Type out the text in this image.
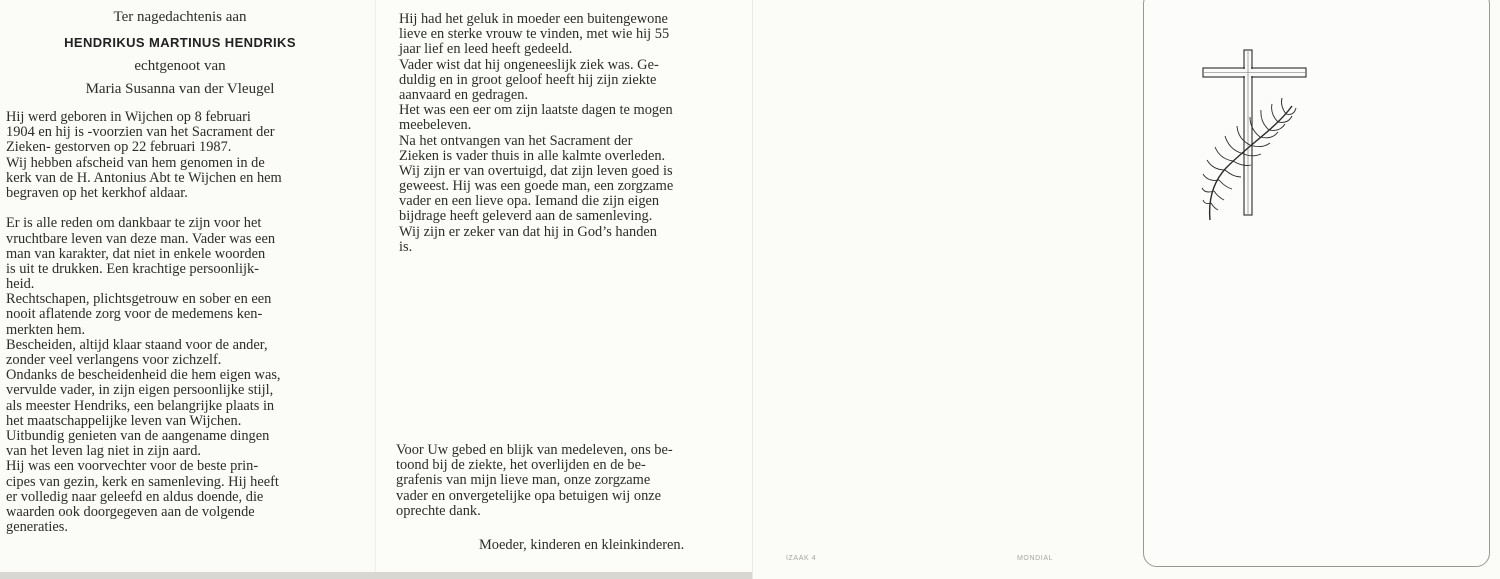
Ter nagedachtenis aan
HENDRIKUS MARTINUS HENDRIKS
echtgenoot van
Maria Susanna van der Vleugel
Hij werd geboren in Wijchen op 8 februari
1904 en hij is -voorzien van het Sacrament der
Zieken- gestorven op 22 februari 1987.
Wij hebben afscheid van hem genomen in de
kerk van de H. Antonius Abt te Wijchen en hem
begraven op het kerkhof aldaar.
Er is alle reden om dankbaar te zijn voor het
vruchtbare leven van deze man. Vader was een
man van karakter, dat niet in enkele woorden
is uit te drukken. Een krachtige persoonlijk-
heid.
Rechtschapen, plichtsgetrouw en sober en een
nooit aflatende zorg voor de medemens ken-
merkten hem.
Bescheiden, altijd klaar staand voor de ander,
zonder veel verlangens voor zichzelf.
Ondanks de bescheidenheid die hem eigen was,
vervulde vader, in zijn eigen persoonlijke stijl,
als meester Hendriks, een belangrijke plaats in
het maatschappelijke leven van Wijchen.
Uitbundig genieten van de aangename dingen
van het leven lag niet in zijn aard.
Hij was een voorvechter voor de beste prin-
cipes van gezin, kerk en samenleving. Hij heeft
er volledig naar geleefd en aldus doende, die
waarden ook doorgegeven aan de volgende
generaties.
Hij had het geluk in moeder een buitengewone
lieve en sterke vrouw te vinden, met wie hij 55
jaar lief en leed heeft gedeeld.
Vader wist dat hij ongeneeslijk ziek was. Ge-
duldig en in groot geloof heeft hij zijn ziekte
aanvaard en gedragen.
Het was een eer om zijn laatste dagen te mogen
meebeleven.
Na het ontvangen van het Sacrament der
Zieken is vader thuis in alle kalmte overleden.
Wij zijn er van overtuigd, dat zijn leven goed is
geweest. Hij was een goede man, een zorgzame
vader en een lieve opa. Iemand die zijn eigen
bijdrage heeft geleverd aan de samenleving.
Wij zijn er zeker van dat hij in God’s handen
is.
Voor Uw gebed en blijk van medeleven, ons be-
toond bij de ziekte, het overlijden en de be-
grafenis van mijn lieve man, onze zorgzame
vader en onvergetelijke opa betuigen wij onze
oprechte dank.
Moeder, kinderen en kleinkinderen.
IZAAK 4	MONDIAL
